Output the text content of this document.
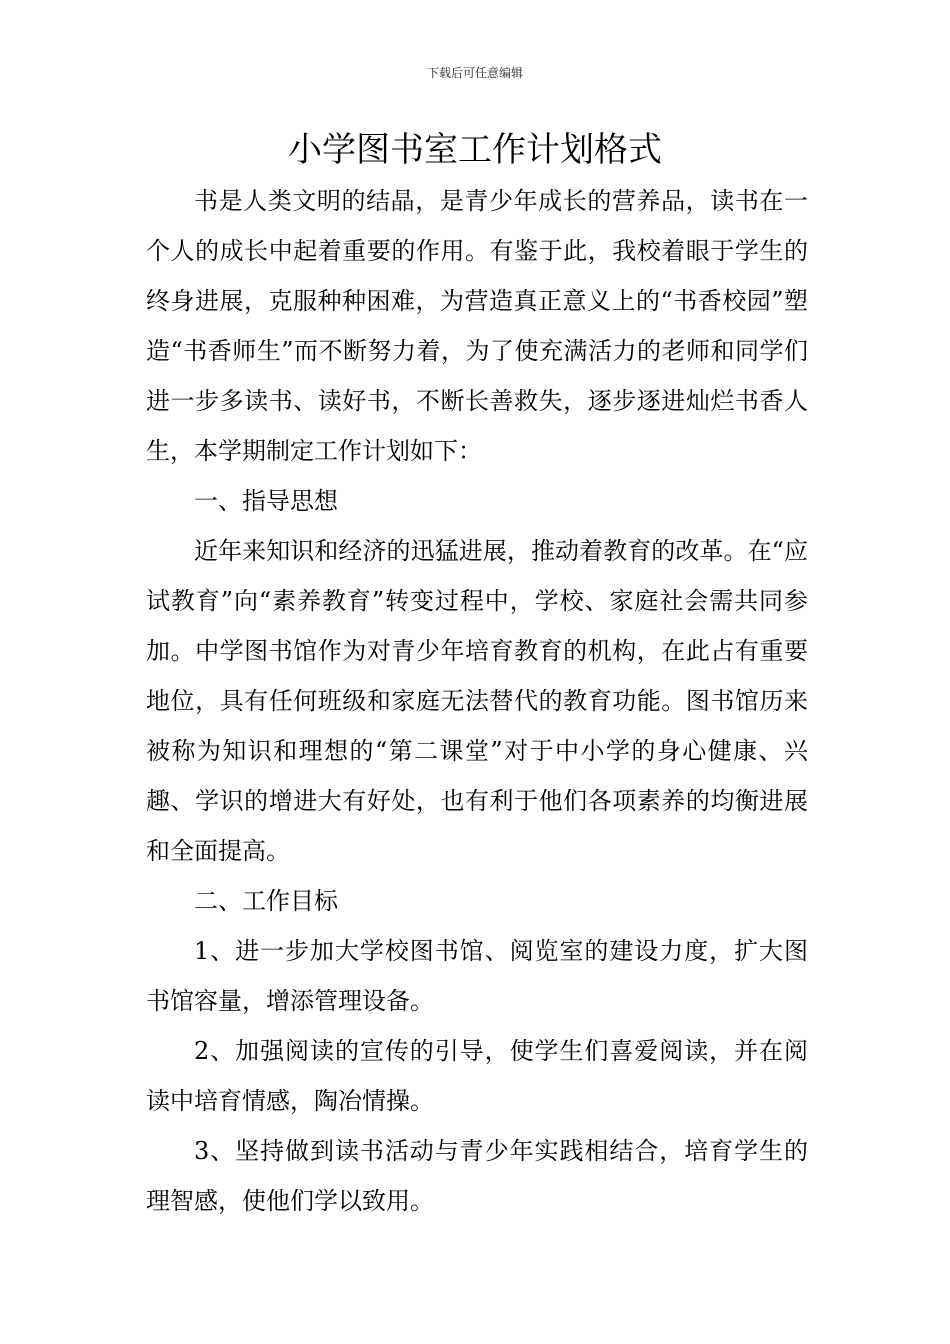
下载后可任意编辑
小学图书室工作计划格式

书是人类文明的结晶，是青少年成长的营养品，读书在一个人的成长中起着重要的作用。有鉴于此，我校着眼于学生的终身进展，克服种种困难，为营造真正意义上的“书香校园”塑造“书香师生”而不断努力着，为了使充满活力的老师和同学们进一步多读书、读好书，不断长善救失，逐步逐进灿烂书香人生，本学期制定工作计划如下：

一、指导思想

近年来知识和经济的迅猛进展，推动着教育的改革。在“应试教育”向“素养教育”转变过程中，学校、家庭社会需共同参加。中学图书馆作为对青少年培育教育的机构，在此占有重要地位，具有任何班级和家庭无法替代的教育功能。图书馆历来被称为知识和理想的“第二课堂”对于中小学的身心健康、兴趣、学识的增进大有好处，也有利于他们各项素养的均衡进展和全面提高。

二、工作目标

1、进一步加大学校图书馆、阅览室的建设力度，扩大图书馆容量，增添管理设备。

2、加强阅读的宣传的引导，使学生们喜爱阅读，并在阅读中培育情感，陶冶情操。

3、坚持做到读书活动与青少年实践相结合，培育学生的理智感，使他们学以致用。
